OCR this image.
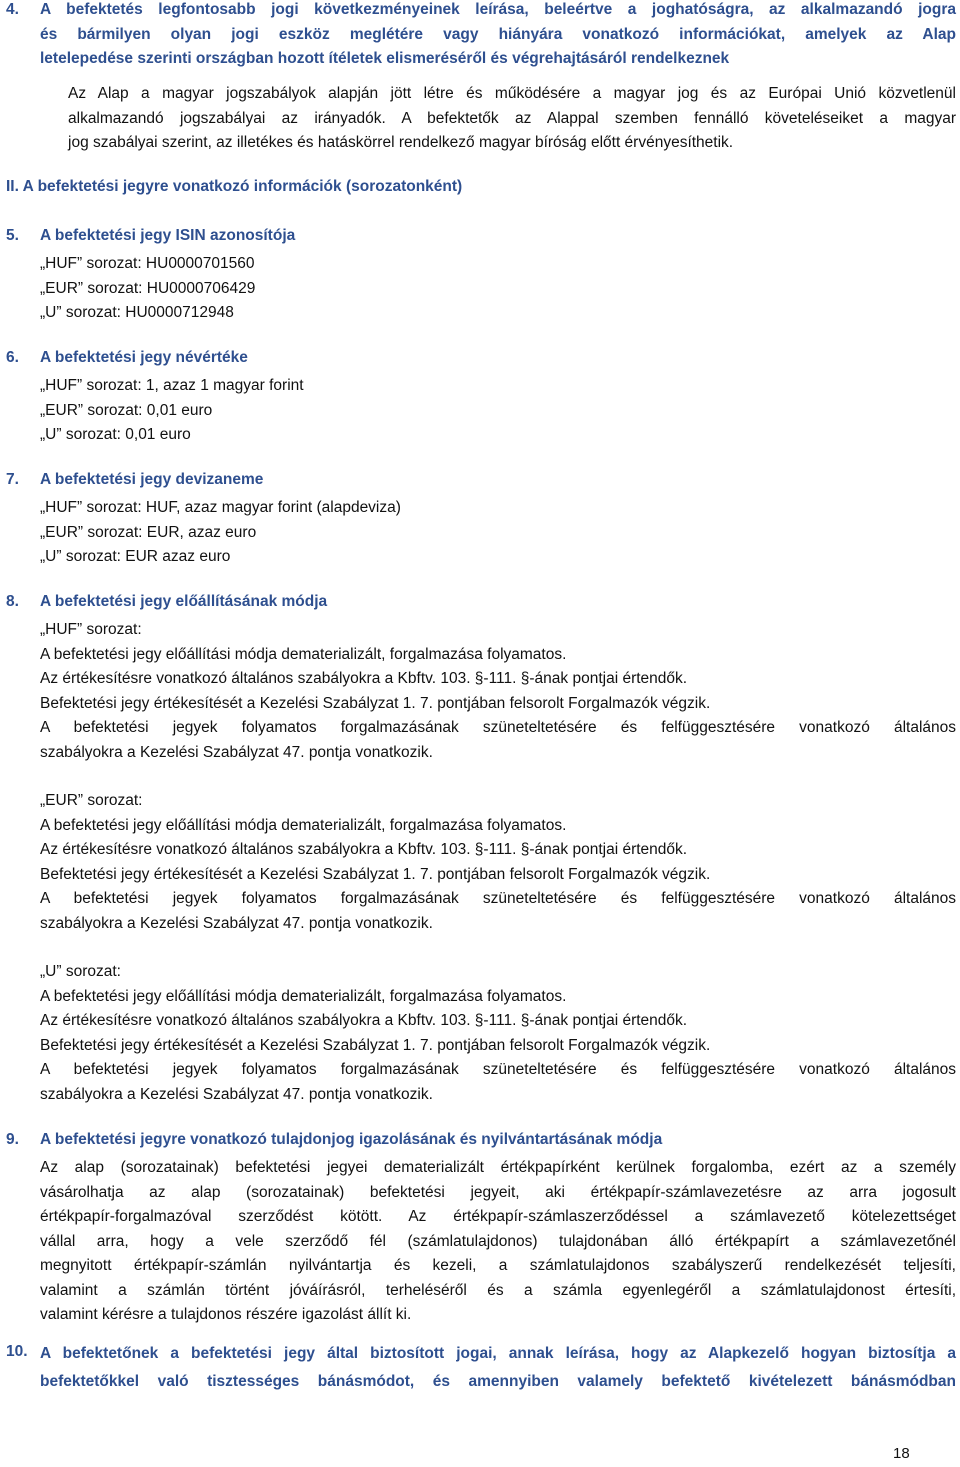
4. A befektetés legfontosabb jogi következményeinek leírása, beleértve a joghatóságra, az alkalmazandó jogra
és bármilyen olyan jogi eszköz meglétére vagy hiányára vonatkozó információkat, amelyek az Alap
letelepedése szerinti országban hozott ítéletek elismeréséről és végrehajtásáról rendelkeznek
Az Alap a magyar jogszabályok alapján jött létre és működésére a magyar jog és az Európai Unió közvetlenül
alkalmazandó jogszabályai az irányadók. A befektetők az Alappal szemben fennálló követeléseiket a magyar
jog szabályai szerint, az illetékes és hatáskörrel rendelkező magyar bíróság előtt érvényesíthetik.
II. A befektetési jegyre vonatkozó információk (sorozatonként)
5. A befektetési jegy ISIN azonosítója
„HUF” sorozat: HU0000701560
„EUR” sorozat: HU0000706429
„U” sorozat: HU0000712948
6. A befektetési jegy névértéke
„HUF” sorozat: 1, azaz 1 magyar forint
„EUR” sorozat: 0,01 euro
„U” sorozat: 0,01 euro
7. A befektetési jegy devizaneme
„HUF” sorozat: HUF, azaz magyar forint (alapdeviza)
„EUR” sorozat: EUR, azaz euro
„U” sorozat: EUR azaz euro
8. A befektetési jegy előállításának módja
„HUF” sorozat:
A befektetési jegy előállítási módja dematerializált, forgalmazása folyamatos.
Az értékesítésre vonatkozó általános szabályokra a Kbftv. 103. §-111. §-ának pontjai értendők.
Befektetési jegy értékesítését a Kezelési Szabályzat 1. 7. pontjában felsorolt Forgalmazók végzik.
A befektetési jegyek folyamatos forgalmazásának szüneteltetésére és felfüggesztésére vonatkozó általános
szabályokra a Kezelési Szabályzat 47. pontja vonatkozik.
„EUR” sorozat:
A befektetési jegy előállítási módja dematerializált, forgalmazása folyamatos.
Az értékesítésre vonatkozó általános szabályokra a Kbftv. 103. §-111. §-ának pontjai értendők.
Befektetési jegy értékesítését a Kezelési Szabályzat 1. 7. pontjában felsorolt Forgalmazók végzik.
A befektetési jegyek folyamatos forgalmazásának szüneteltetésére és felfüggesztésére vonatkozó általános
szabályokra a Kezelési Szabályzat 47. pontja vonatkozik.
„U” sorozat:
A befektetési jegy előállítási módja dematerializált, forgalmazása folyamatos.
Az értékesítésre vonatkozó általános szabályokra a Kbftv. 103. §-111. §-ának pontjai értendők.
Befektetési jegy értékesítését a Kezelési Szabályzat 1. 7. pontjában felsorolt Forgalmazók végzik.
A befektetési jegyek folyamatos forgalmazásának szüneteltetésére és felfüggesztésére vonatkozó általános
szabályokra a Kezelési Szabályzat 47. pontja vonatkozik.
9. A befektetési jegyre vonatkozó tulajdonjog igazolásának és nyilvántartásának módja
Az alap (sorozatainak) befektetési jegyei dematerializált értékpapírként kerülnek forgalomba, ezért az a személy
vásárolhatja az alap (sorozatainak) befektetési jegyeit, aki értékpapír-számlavezetésre az arra jogosult
értékpapír-forgalmazóval szerződést kötött. Az értékpapír-számlaszerződéssel a számlavezető kötelezettséget
vállal arra, hogy a vele szerződő fél (számlatulajdonos) tulajdonában álló értékpapírt a számlavezetőnél
megnyitott értékpapír-számlán nyilvántartja és kezeli, a számlatulajdonos szabályszerű rendelkezését teljesíti,
valamint a számlán történt jóváírásról, terheléséről és a számla egyenlegéről a számlatulajdonost értesíti,
valamint kérésre a tulajdonos részére igazolást állít ki.
10. A befektetőnek a befektetési jegy által biztosított jogai, annak leírása, hogy az Alapkezelő hogyan biztosítja a
befektetőkkel való tisztességes bánásmódot, és amennyiben valamely befektető kivételezett bánásmódban
18
